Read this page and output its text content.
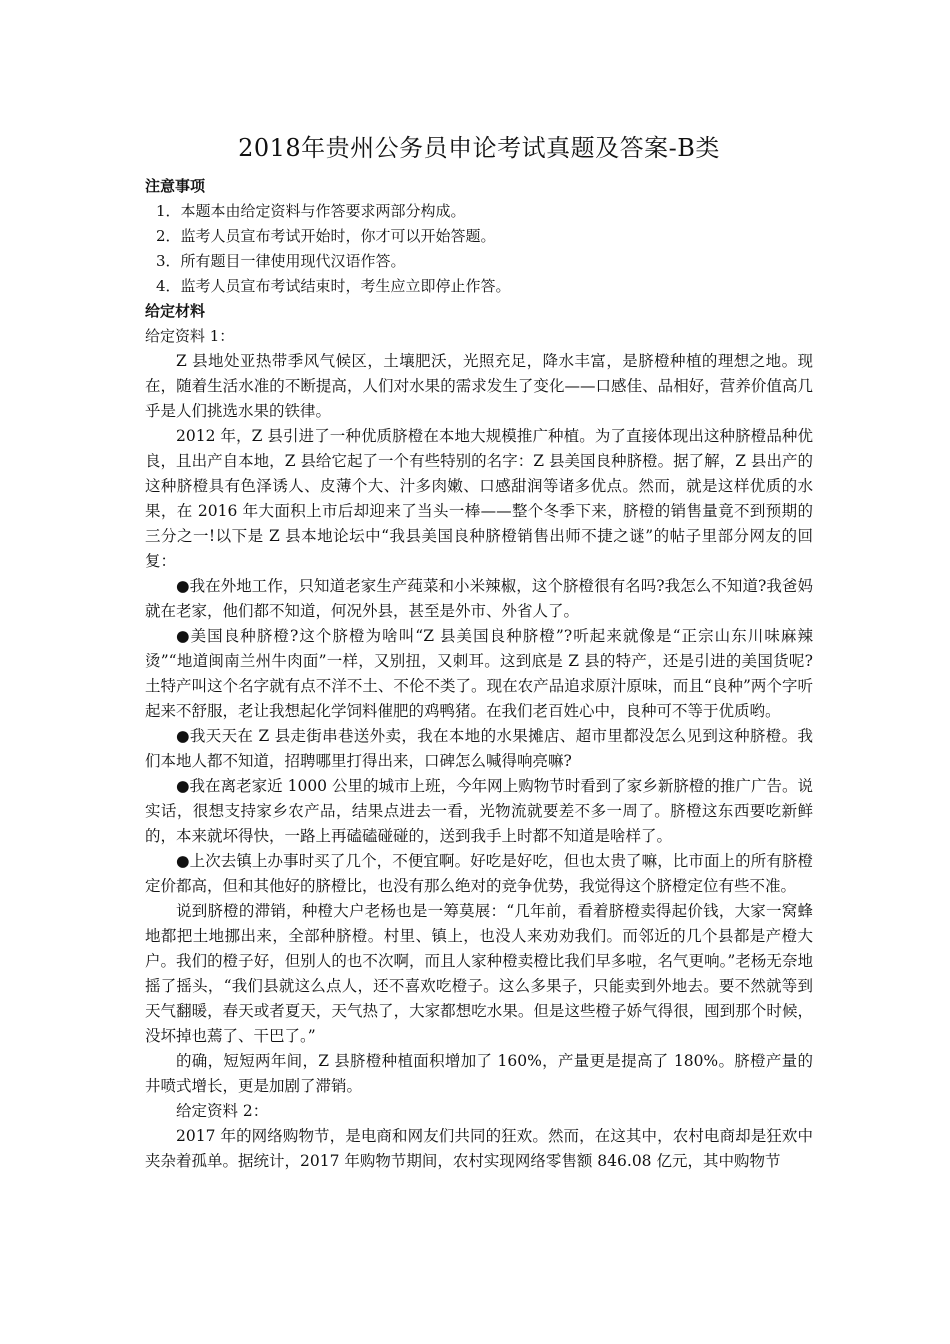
2018年贵州公务员申论考试真题及答案-B类

注意事项

1．本题本由给定资料与作答要求两部分构成。
2．监考人员宣布考试开始时，你才可以开始答题。
3．所有题目一律使用现代汉语作答。
4．监考人员宣布考试结束时，考生应立即停止作答。

给定材料

给定资料 1：

Z 县地处亚热带季风气候区，土壤肥沃，光照充足，降水丰富，是脐橙种植的理想之地。现在，随着生活水准的不断提高，人们对水果的需求发生了变化——口感佳、品相好，营养价值高几乎是人们挑选水果的铁律。

2012 年，Z 县引进了一种优质脐橙在本地大规模推广种植。为了直接体现出这种脐橙品种优良，且出产自本地，Z 县给它起了一个有些特别的名字：Z 县美国良种脐橙。据了解，Z 县出产的这种脐橙具有色泽诱人、皮薄个大、汁多肉嫩、口感甜润等诸多优点。然而，就是这样优质的水果，在 2016 年大面积上市后却迎来了当头一棒——整个冬季下来，脐橙的销售量竟不到预期的三分之一!以下是 Z 县本地论坛中“我县美国良种脐橙销售出师不捷之谜”的帖子里部分网友的回复：

●我在外地工作，只知道老家生产莼菜和小米辣椒，这个脐橙很有名吗?我怎么不知道?我爸妈就在老家，他们都不知道，何况外县，甚至是外市、外省人了。

●美国良种脐橙?这个脐橙为啥叫“Z 县美国良种脐橙”?听起来就像是“正宗山东川味麻辣烫”“地道闽南兰州牛肉面”一样，又别扭，又刺耳。这到底是 Z 县的特产，还是引进的美国货呢?土特产叫这个名字就有点不洋不土、不伦不类了。现在农产品追求原汁原味，而且“良种”两个字听起来不舒服，老让我想起化学饲料催肥的鸡鸭猪。在我们老百姓心中，良种可不等于优质哟。

●我天天在 Z 县走街串巷送外卖，我在本地的水果摊店、超市里都没怎么见到这种脐橙。我们本地人都不知道，招聘哪里打得出来，口碑怎么喊得响亮嘛?

●我在离老家近 1000 公里的城市上班，今年网上购物节时看到了家乡新脐橙的推广广告。说实话，很想支持家乡农产品，结果点进去一看，光物流就要差不多一周了。脐橙这东西要吃新鲜的，本来就坏得快，一路上再磕磕碰碰的，送到我手上时都不知道是啥样了。

●上次去镇上办事时买了几个，不便宜啊。好吃是好吃，但也太贵了嘛，比市面上的所有脐橙定价都高，但和其他好的脐橙比，也没有那么绝对的竞争优势，我觉得这个脐橙定位有些不准。

说到脐橙的滞销，种橙大户老杨也是一筹莫展：“几年前，看着脐橙卖得起价钱，大家一窝蜂地都把土地挪出来，全部种脐橙。村里、镇上，也没人来劝劝我们。而邻近的几个县都是产橙大户。我们的橙子好，但别人的也不次啊，而且人家种橙卖橙比我们早多啦，名气更响。”老杨无奈地摇了摇头，“我们县就这么点人，还不喜欢吃橙子。这么多果子，只能卖到外地去。要不然就等到天气翻暖，春天或者夏天，天气热了，大家都想吃水果。但是这些橙子娇气得很，囤到那个时候，没坏掉也蔫了、干巴了。”

的确，短短两年间，Z 县脐橙种植面积增加了 160%，产量更是提高了 180%。脐橙产量的井喷式增长，更是加剧了滞销。

给定资料 2：

2017 年的网络购物节，是电商和网友们共同的狂欢。然而，在这其中，农村电商却是狂欢中夹杂着孤单。据统计，2017 年购物节期间，农村实现网络零售额 846.08 亿元，其中购物节
